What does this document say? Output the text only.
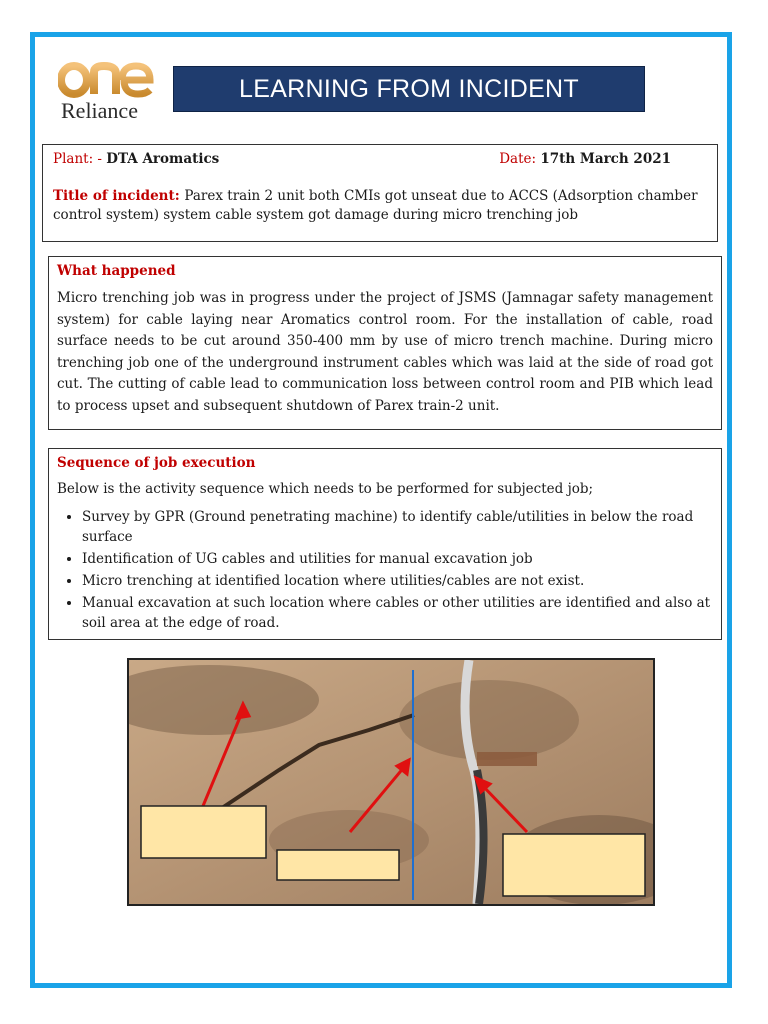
Reliance
LEARNING FROM INCIDENT
Plant: - DTA Aromatics	Date: 17th March 2021
Title of incident: Parex train 2 unit both CMIs got unseat due to ACCS (Adsorption chamber control system) system cable system got damage during micro trenching job
What happened

Micro trenching job was in progress under the project of JSMS (Jamnagar safety management system) for cable laying near Aromatics control room. For the installation of cable, road surface needs to be cut around 350-400 mm by use of micro trench machine. During micro trenching job one of the underground instrument cables which was laid at the side of road got cut. The cutting of cable lead to communication loss between control room and PIB which lead to process upset and subsequent shutdown of Parex train-2 unit.

Sequence of job execution
Below is the activity sequence which needs to be performed for subjected job;
• Survey by GPR (Ground penetrating machine) to identify cable/utilities in below the road surface
• Identification of UG cables and utilities for manual excavation job
• Micro trenching at identified location where utilities/cables are not exist.
• Manual excavation at such location where cables or other utilities are identified and also at soil area at the edge of road.
